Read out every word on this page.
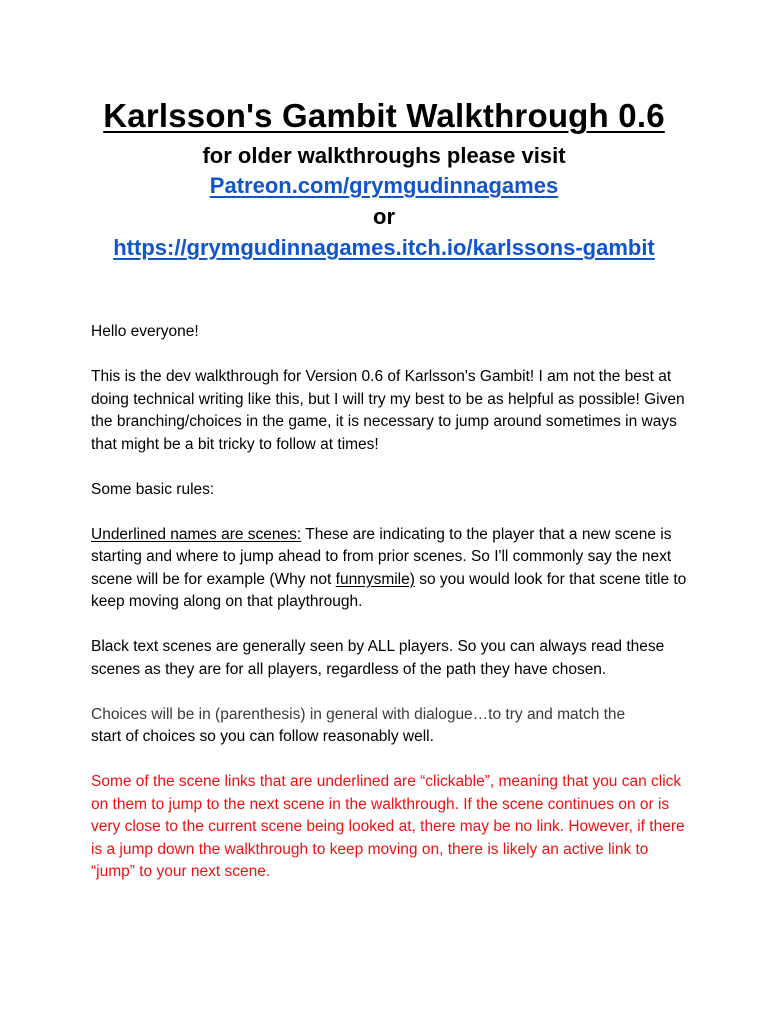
Karlsson's Gambit Walkthrough 0.6
for older walkthroughs please visit
Patreon.com/grymgudinnagames
or
https://grymgudinnagames.itch.io/karlssons-gambit

Hello everyone!

This is the dev walkthrough for Version 0.6 of Karlsson's Gambit! I am not the best at doing technical writing like this, but I will try my best to be as helpful as possible! Given the branching/choices in the game, it is necessary to jump around sometimes in ways that might be a bit tricky to follow at times!

Some basic rules:

Underlined names are scenes: These are indicating to the player that a new scene is starting and where to jump ahead to from prior scenes. So I'll commonly say the next scene will be for example (Why not funnysmile) so you would look for that scene title to keep moving along on that playthrough.

Black text scenes are generally seen by ALL players. So you can always read these scenes as they are for all players, regardless of the path they have chosen.

Choices will be in (parenthesis) in general with dialogue…to try and match the
start of choices so you can follow reasonably well.

Some of the scene links that are underlined are “clickable”, meaning that you can click on them to jump to the next scene in the walkthrough. If the scene continues on or is very close to the current scene being looked at, there may be no link. However, if there is a jump down the walkthrough to keep moving on, there is likely an active link to “jump” to your next scene.
